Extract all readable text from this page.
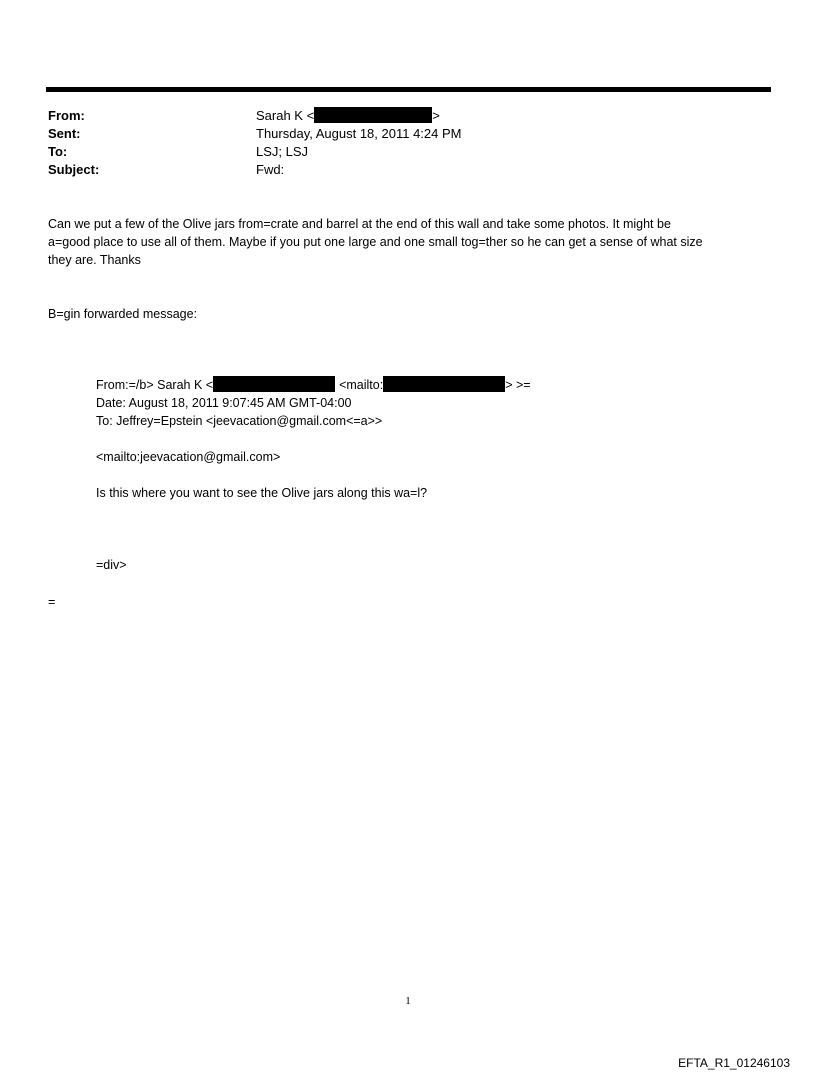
From:	Sarah K <	>
Sent:	Thursday, August 18, 2011 4:24 PM
To:	LSJ; LSJ
Subject:	Fwd:
Can we put a few of the Olive jars from=crate and barrel at the end of this wall and take some photos. It might be
a=good place to use all of them. Maybe if you put one large and one small tog=ther so he can get a sense of what size
they are. Thanks
B=gin forwarded message:
From:=/b> Sarah K <	<mailto:	> >=
Date: August 18, 2011 9:07:45 AM GMT-04:00
To: Jeffrey=Epstein <jeevacation@gmail.com<=a>>
<mailto:jeevacation@gmail.com>
Is this where you want to see the Olive jars along this wa=l?
=div>
=
1
EFTA_R1_01246103
